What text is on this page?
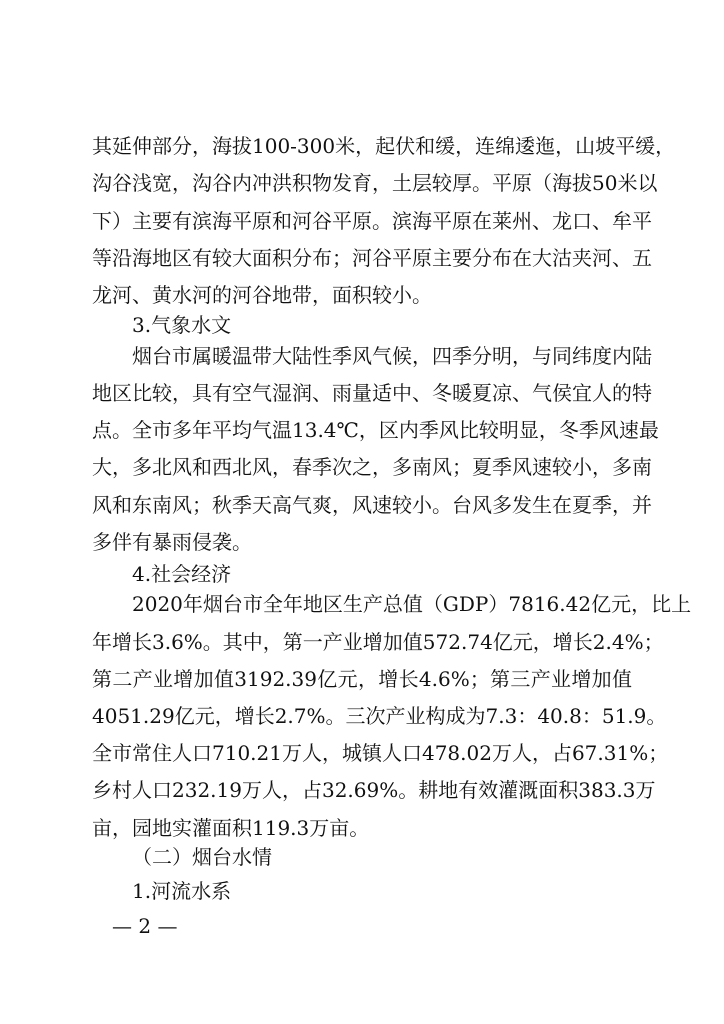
其延伸部分，海拔100-300米，起伏和缓，连绵逶迤，山坡平缓，
沟谷浅宽，沟谷内冲洪积物发育，土层较厚。平原（海拔50米以
下）主要有滨海平原和河谷平原。滨海平原在莱州、龙口、牟平
等沿海地区有较大面积分布；河谷平原主要分布在大沽夹河、五
龙河、黄水河的河谷地带，面积较小。
3.气象水文
烟台市属暖温带大陆性季风气候，四季分明，与同纬度内陆
地区比较，具有空气湿润、雨量适中、冬暖夏凉、气侯宜人的特
点。全市多年平均气温13.4℃，区内季风比较明显，冬季风速最
大，多北风和西北风，春季次之，多南风；夏季风速较小，多南
风和东南风；秋季天高气爽，风速较小。台风多发生在夏季，并
多伴有暴雨侵袭。
4.社会经济
2020年烟台市全年地区生产总值（GDP）7816.42亿元，比上
年增长3.6%。其中，第一产业增加值572.74亿元，增长2.4%；
第二产业增加值3192.39亿元，增长4.6%；第三产业增加值
4051.29亿元，增长2.7%。三次产业构成为7.3：40.8：51.9。
全市常住人口710.21万人，城镇人口478.02万人，占67.31%；
乡村人口232.19万人，占32.69%。耕地有效灌溉面积383.3万
亩，园地实灌面积119.3万亩。
（二）烟台水情
1.河流水系
— 2 —
